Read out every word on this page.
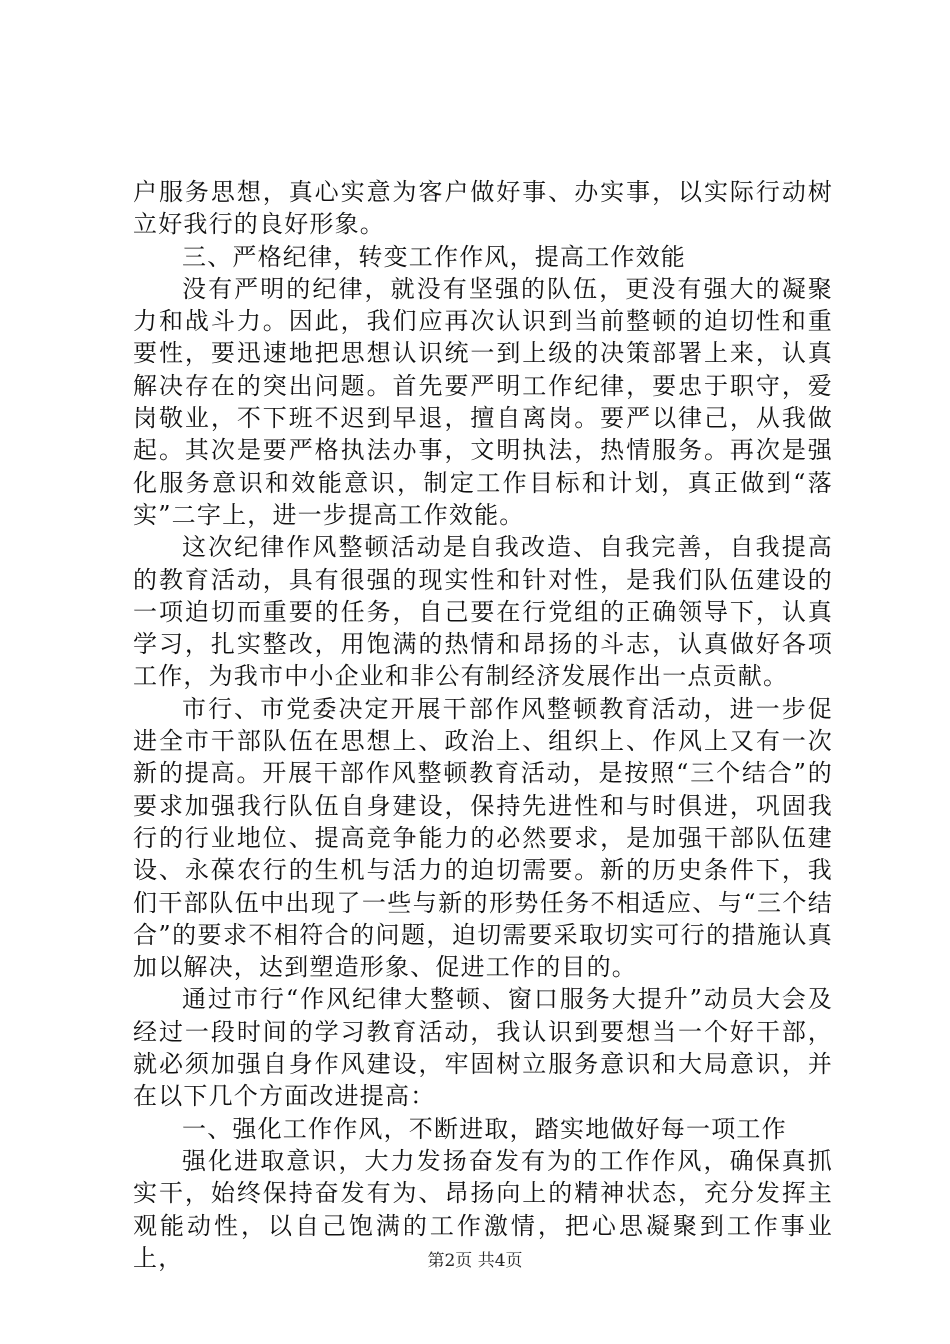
户服务思想，真心实意为客户做好事、办实事，以实际行动树立好我行的良好形象。

三、严格纪律，转变工作作风，提高工作效能

没有严明的纪律，就没有坚强的队伍，更没有强大的凝聚力和战斗力。因此，我们应再次认识到当前整顿的迫切性和重要性，要迅速地把思想认识统一到上级的决策部署上来，认真解决存在的突出问题。首先要严明工作纪律，要忠于职守，爱岗敬业，不下班不迟到早退，擅自离岗。要严以律己，从我做起。其次是要严格执法办事，文明执法，热情服务。再次是强化服务意识和效能意识，制定工作目标和计划，真正做到“落实”二字上，进一步提高工作效能。

这次纪律作风整顿活动是自我改造、自我完善，自我提高的教育活动，具有很强的现实性和针对性，是我们队伍建设的一项迫切而重要的任务，自己要在行党组的正确领导下，认真学习，扎实整改，用饱满的热情和昂扬的斗志，认真做好各项工作，为我市中小企业和非公有制经济发展作出一点贡献。

市行、市党委决定开展干部作风整顿教育活动，进一步促进全市干部队伍在思想上、政治上、组织上、作风上又有一次新的提高。开展干部作风整顿教育活动，是按照“三个结合”的要求加强我行队伍自身建设，保持先进性和与时俱进，巩固我行的行业地位、提高竞争能力的必然要求，是加强干部队伍建设、永葆农行的生机与活力的迫切需要。新的历史条件下，我们干部队伍中出现了一些与新的形势任务不相适应、与“三个结合”的要求不相符合的问题，迫切需要采取切实可行的措施认真加以解决，达到塑造形象、促进工作的目的。

通过市行“作风纪律大整顿、窗口服务大提升”动员大会及经过一段时间的学习教育活动，我认识到要想当一个好干部，就必须加强自身作风建设，牢固树立服务意识和大局意识，并在以下几个方面改进提高：

一、强化工作作风，不断进取，踏实地做好每一项工作

强化进取意识，大力发扬奋发有为的工作作风，确保真抓实干，始终保持奋发有为、昂扬向上的精神状态，充分发挥主观能动性，以自己饱满的工作激情，把心思凝聚到工作事业上，	第2页 共4页
